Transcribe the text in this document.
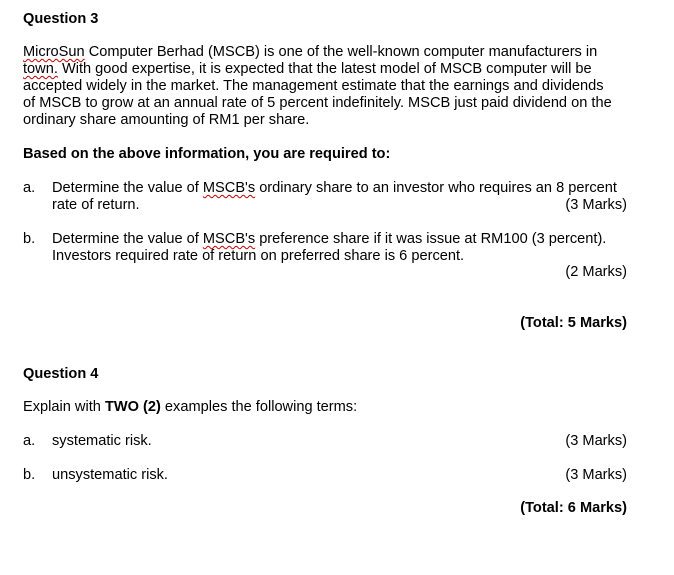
Question 3
MicroSun Computer Berhad (MSCB) is one of the well-known computer manufacturers in
town. With good expertise, it is expected that the latest model of MSCB computer will be
accepted widely in the market. The management estimate that the earnings and dividends
of MSCB to grow at an annual rate of 5 percent indefinitely. MSCB just paid dividend on the
ordinary share amounting of RM1 per share.
Based on the above information, you are required to:
a. Determine the value of MSCB's ordinary share to an investor who requires an 8 percent
rate of return.	(3 Marks)
b. Determine the value of MSCB's preference share if it was issue at RM100 (3 percent).
Investors required rate of return on preferred share is 6 percent.
(2 Marks)
(Total: 5 Marks)
Question 4
Explain with TWO (2) examples the following terms:
a. systematic risk.	(3 Marks)
b. unsystematic risk.	(3 Marks)
(Total: 6 Marks)
